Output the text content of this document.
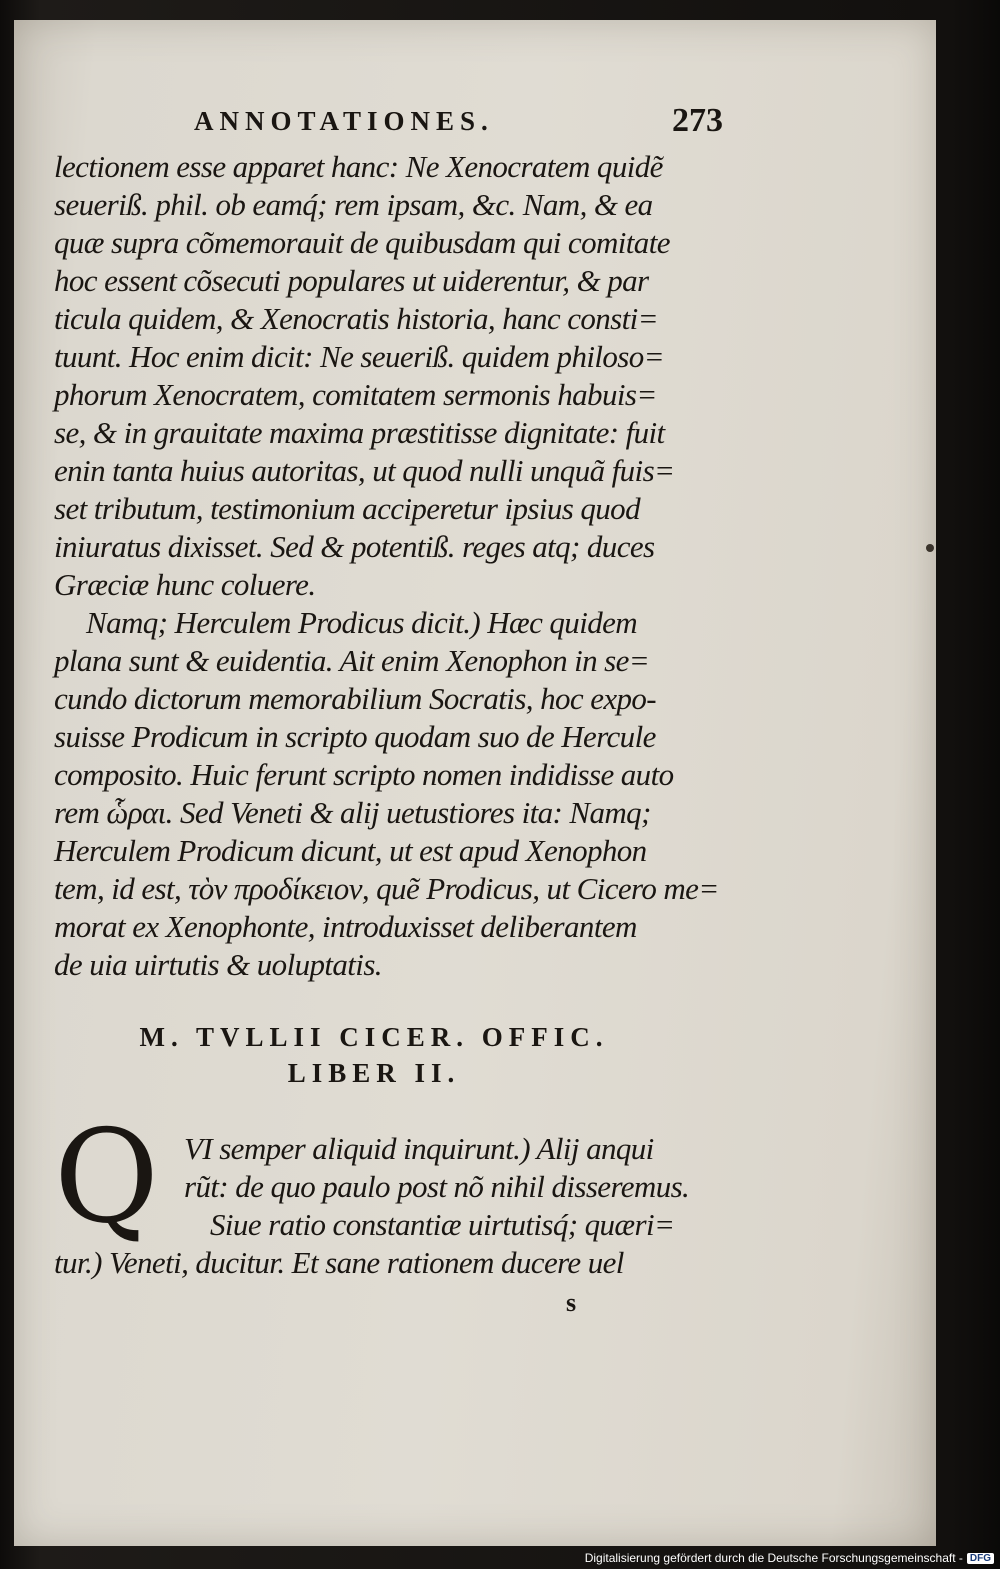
ANNOTATIONES.	273
lectionem esse apparet hanc: Ne Xenocratem quidẽ
seueriß. phil. ob eamq́; rem ipsam, &c. Nam, & ea
quæ supra cõmemorauit de quibusdam qui comitate
hoc essent cõsecuti populares ut uiderentur, & par
ticula quidem, & Xenocratis historia, hanc consti=
tuunt. Hoc enim dicit: Ne seueriß. quidem philoso=
phorum Xenocratem, comitatem sermonis habuis=
se, & in grauitate maxima præstitisse dignitate: fuit
enin tanta huius autoritas, ut quod nulli unquã fuis=
set tributum, testimonium acciperetur ipsius quod
iniuratus dixisset. Sed & potentiß. reges atq; duces
Græciæ hunc coluere.
Namq; Herculem Prodicus dicit.) Hæc quidem
plana sunt & euidentia. Ait enim Xenophon in se=
cundo dictorum memorabilium Socratis, hoc expo-
suisse Prodicum in scripto quodam suo de Hercule
composito. Huic ferunt scripto nomen indidisse auto
rem ὧραι. Sed Veneti & alij uetustiores ita: Namq;
Herculem Prodicum dicunt, ut est apud Xenophon
tem, id est, τὸν προδίκειον, quẽ Prodicus, ut Cicero me=
morat ex Xenophonte, introduxisset deliberantem
de uia uirtutis & uoluptatis.
M. TVLLII CICER. OFFIC.
LIBER II.
VI semper aliquid inquirunt.) Alij anqui
rũt: de quo paulo post nõ nihil disseremus.
Siue ratio constantiæ uirtutisq́; quæri=
tur.) Veneti, ducitur. Et sane rationem ducere uel
Q
s
Digitalisierung gefördert durch die Deutsche Forschungsgemeinschaft - DFG
